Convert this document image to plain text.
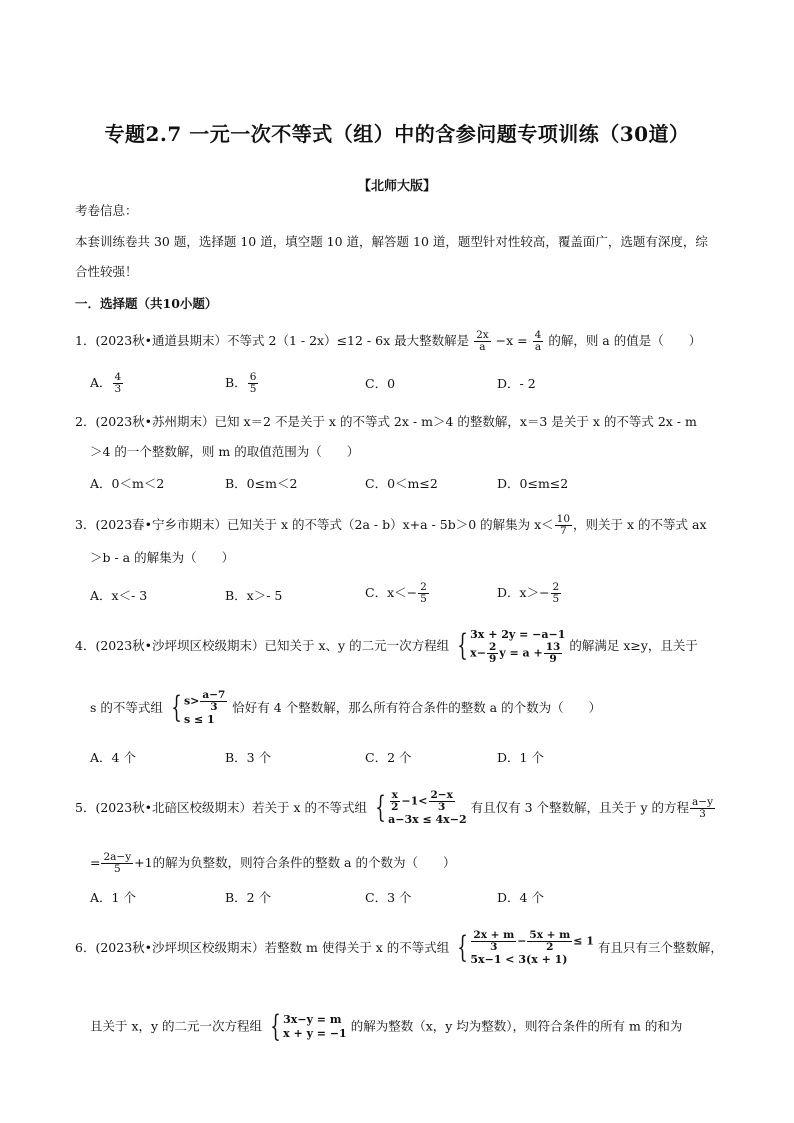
专题2.7 一元一次不等式（组）中的含参问题专项训练（30道）
【北师大版】
考卷信息：
本套训练卷共 30 题，选择题 10 道，填空题 10 道，解答题 10 道，题型针对性较高，覆盖面广，选题有深度，综
合性较强！
一．选择题（共10小题）
1．(2023秋•通道县期末）不等式 2（1 - 2x）≤12 - 6x 最大整数解是 $\frac{2x}{a} -x = \frac{4}{a}$ 的解，则 a 的值是（　　）
A． $\frac{4}{3}$	B． $\frac{6}{5}$	C．0	D．- 2
2．(2023秋•苏州期末）已知 x＝2 不是关于 x 的不等式 2x - m＞4 的整数解，x＝3 是关于 x 的不等式 2x - m
＞4 的一个整数解，则 m 的取值范围为（　　）
A．0＜m＜2	B．0≤m＜2	C．0＜m≤2	D．0≤m≤2
3．(2023春•宁乡市期末）已知关于 x 的不等式（2a - b）x+a - 5b＞0 的解集为 $x< \frac{10}{7}$ ，则关于 x 的不等式 ax
＞b - a 的解集为（　　）
A．x＜- 3	B．x＞- 5	C．$x<- \frac{2}{5}$	D．$x>- \frac{2}{5}$
4．(2023秋•沙坪坝区校级期末）已知关于 x、y 的二元一次方程组 { 3x + 2y = −a−1
$x- \frac{2}{9}$ $y = a + \frac{13}{9}$ 的解满足 x≥y，且关于
s 的不等式组 { $s> \frac{a-7}{3}$
s ≤ 1
恰好有 4 个整数解，那么所有符合条件的整数 a 的个数为（　　）
A．4 个	B．3 个	C．2 个	D．1 个
5．(2023秋•北碚区校级期末）若关于 x 的不等式组 { $\frac{x}{2} -1< \frac{2-x}{3}$
a−3x ≤ 4x−2
有且仅有 3 个整数解，且关于 y 的方程 $\frac{a-y}{3}$
= $\frac{2a-y}{5} +1$的解为负整数，则符合条件的整数 a 的个数为（　　）
A．1 个	B．2 个	C．3 个	D．4 个
6．(2023秋•沙坪坝区校级期末）若整数 m 使得关于 x 的不等式组 { $\frac{2x + m}{3} - \frac{5x + m}{2} \le 1$
5x−1 < 3(x + 1)
有且只有三个整数解，
且关于 x，y 的二元一次方程组 { 3x−y = m
x + y = −1 的解为整数（x，y 均为整数），则符合条件的所有 m 的和为
